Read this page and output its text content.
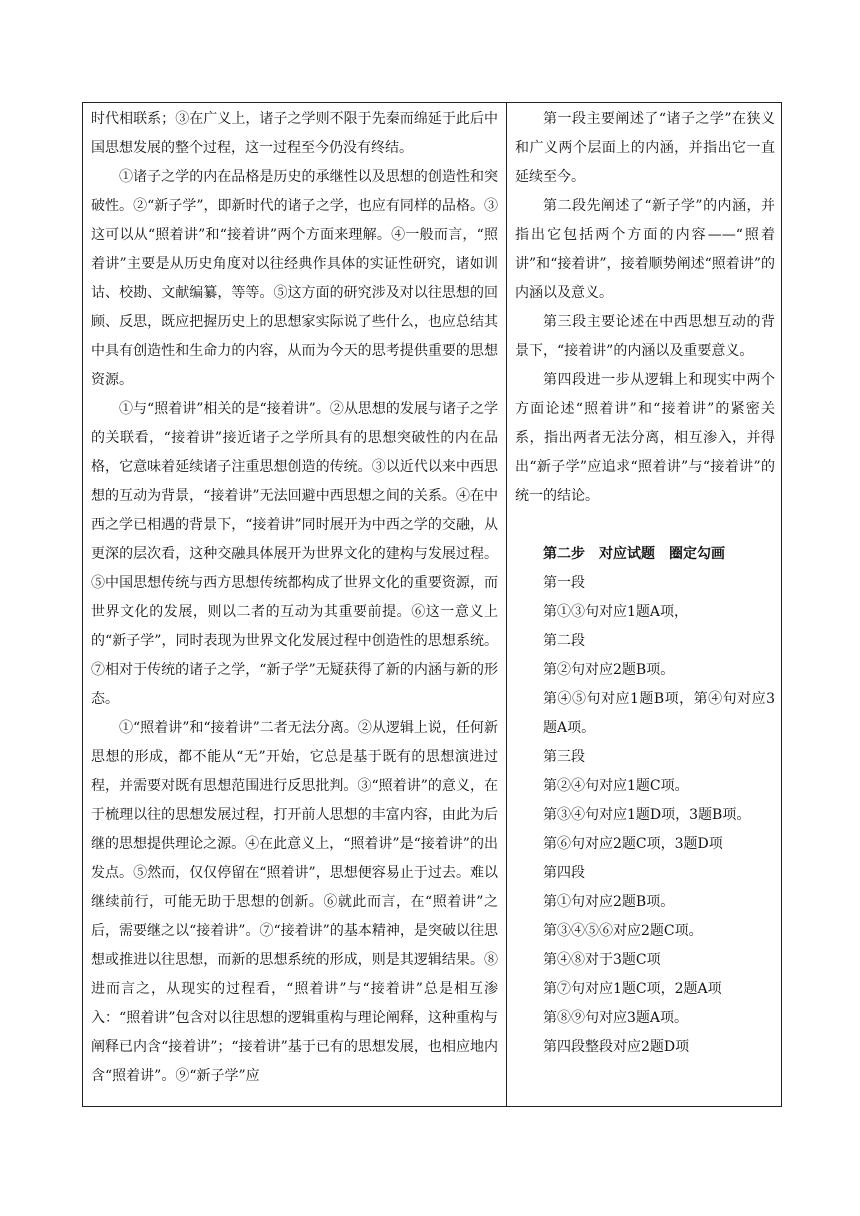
时代相联系；③在广义上，诸子之学则不限于先秦而绵延于此后中国思想发展的整个过程，这一过程至今仍没有终结。

①诸子之学的内在品格是历史的承继性以及思想的创造性和突破性。②“新子学”，即新时代的诸子之学，也应有同样的品格。③这可以从“照着讲”和“接着讲”两个方面来理解。④一般而言，“照着讲”主要是从历史角度对以往经典作具体的实证性研究，诸如训诂、校勘、文献编纂，等等。⑤这方面的研究涉及对以往思想的回顾、反思，既应把握历史上的思想家实际说了些什么，也应总结其中具有创造性和生命力的内容，从而为今天的思考提供重要的思想资源。

①与“照着讲”相关的是“接着讲”。②从思想的发展与诸子之学的关联看，“接着讲”接近诸子之学所具有的思想突破性的内在品格，它意味着延续诸子注重思想创造的传统。③以近代以来中西思想的互动为背景，“接着讲”无法回避中西思想之间的关系。④在中西之学已相遇的背景下，“接着讲”同时展开为中西之学的交融，从更深的层次看，这种交融具体展开为世界文化的建构与发展过程。⑤中国思想传统与西方思想传统都构成了世界文化的重要资源，而世界文化的发展，则以二者的互动为其重要前提。⑥这一意义上的“新子学”，同时表现为世界文化发展过程中创造性的思想系统。⑦相对于传统的诸子之学，“新子学”无疑获得了新的内涵与新的形态。

①“照着讲”和“接着讲”二者无法分离。②从逻辑上说，任何新思想的形成，都不能从“无”开始，它总是基于既有的思想演进过程，并需要对既有思想范围进行反思批判。③“照着讲”的意义，在于梳理以往的思想发展过程，打开前人思想的丰富内容，由此为后继的思想提供理论之源。④在此意义上，“照着讲”是“接着讲”的出发点。⑤然而，仅仅停留在“照着讲”，思想便容易止于过去。难以继续前行，可能无助于思想的创新。⑥就此而言，在“照着讲”之后，需要继之以“接着讲”。⑦“接着讲”的基本精神，是突破以往思想或推进以往思想，而新的思想系统的形成，则是其逻辑结果。⑧进而言之，从现实的过程看，“照着讲”与“接着讲”总是相互渗入：“照着讲”包含对以往思想的逻辑重构与理论阐释，这种重构与阐释已内含“接着讲”；“接着讲”基于已有的思想发展，也相应地内含“照着讲”。⑨“新子学”应

第一段主要阐述了“诸子之学”在狭义和广义两个层面上的内涵，并指出它一直延续至今。

第二段先阐述了“新子学”的内涵，并指出它包括两个方面的内容——“照着讲”和“接着讲”，接着顺势阐述“照着讲”的内涵以及意义。

第三段主要论述在中西思想互动的背景下，“接着讲”的内涵以及重要意义。

第四段进一步从逻辑上和现实中两个方面论述“照着讲”和“接着讲”的紧密关系，指出两者无法分离，相互渗入，并得出“新子学”应追求“照着讲”与“接着讲”的统一的结论。

第二步　对应试题　圈定勾画

第一段

第①③句对应1题A项，

第二段

第②句对应2题B项。

第④⑤句对应1题B项，第④句对应3题A项。

第三段

第②④句对应1题C项。

第③④句对应1题D项，3题B项。

第⑥句对应2题C项，3题D项

第四段

第①句对应2题B项。

第③④⑤⑥对应2题C项。

第④⑧对于3题C项

第⑦句对应1题C项，2题A项

第⑧⑨句对应3题A项。

第四段整段对应2题D项
